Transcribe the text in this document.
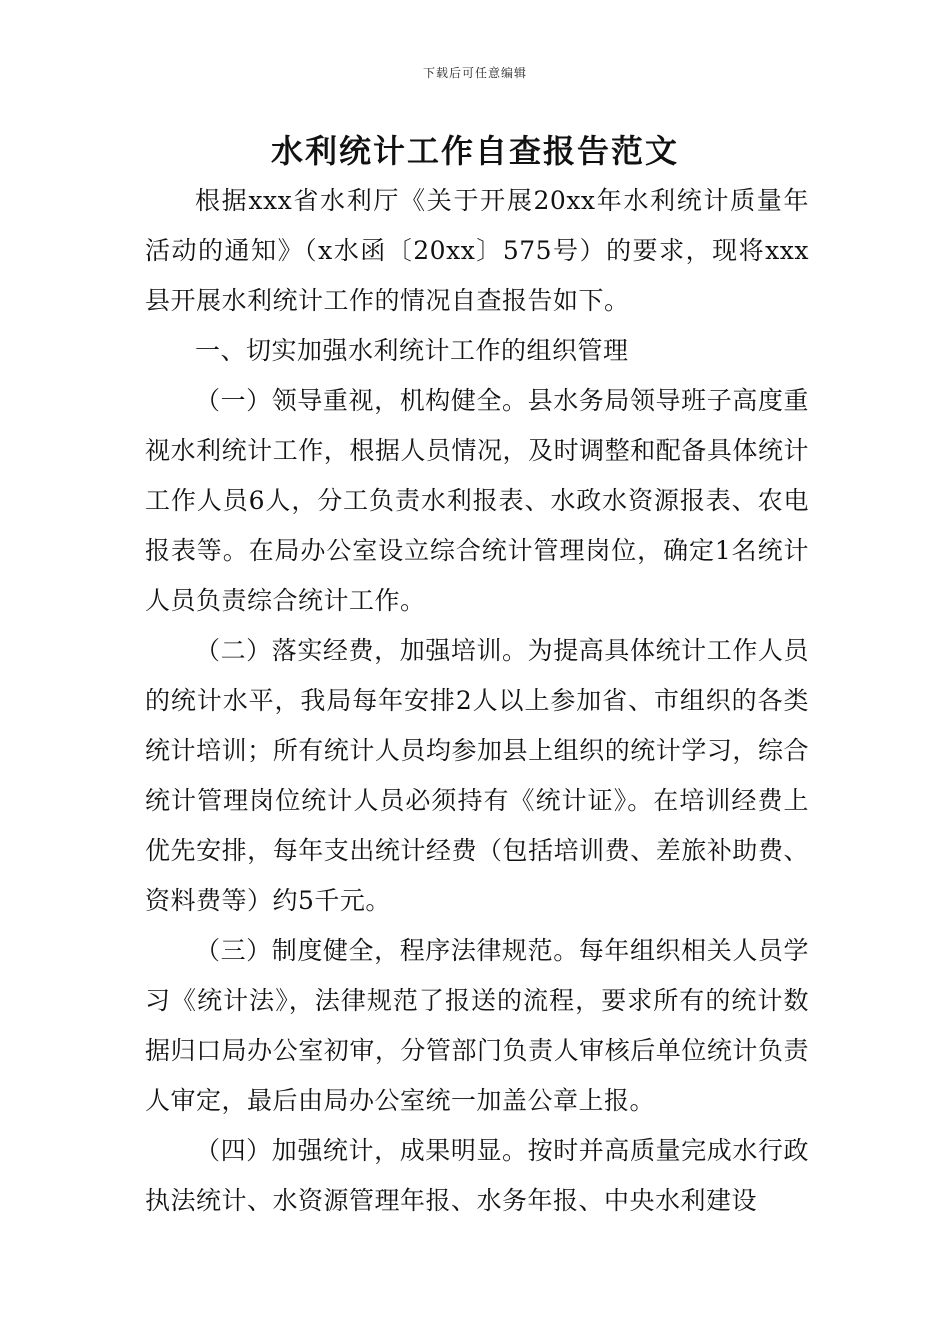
下载后可任意编辑
水利统计工作自查报告范文

根据xxx省水利厅《关于开展20xx年水利统计质量年活动的通知》（x水函〔20xx〕575号）的要求，现将xxx县开展水利统计工作的情况自查报告如下。

一、切实加强水利统计工作的组织管理

（一）领导重视，机构健全。县水务局领导班子高度重视水利统计工作，根据人员情况，及时调整和配备具体统计工作人员6人，分工负责水利报表、水政水资源报表、农电报表等。在局办公室设立综合统计管理岗位，确定1名统计人员负责综合统计工作。

（二）落实经费，加强培训。为提高具体统计工作人员的统计水平，我局每年安排2人以上参加省、市组织的各类统计培训；所有统计人员均参加县上组织的统计学习，综合统计管理岗位统计人员必须持有《统计证》。在培训经费上优先安排，每年支出统计经费（包括培训费、差旅补助费、资料费等）约5千元。

（三）制度健全，程序法律规范。每年组织相关人员学习《统计法》，法律规范了报送的流程，要求所有的统计数据归口局办公室初审，分管部门负责人审核后单位统计负责人审定，最后由局办公室统一加盖公章上报。

（四）加强统计，成果明显。按时并高质量完成水行政执法统计、水资源管理年报、水务年报、中央水利建设
